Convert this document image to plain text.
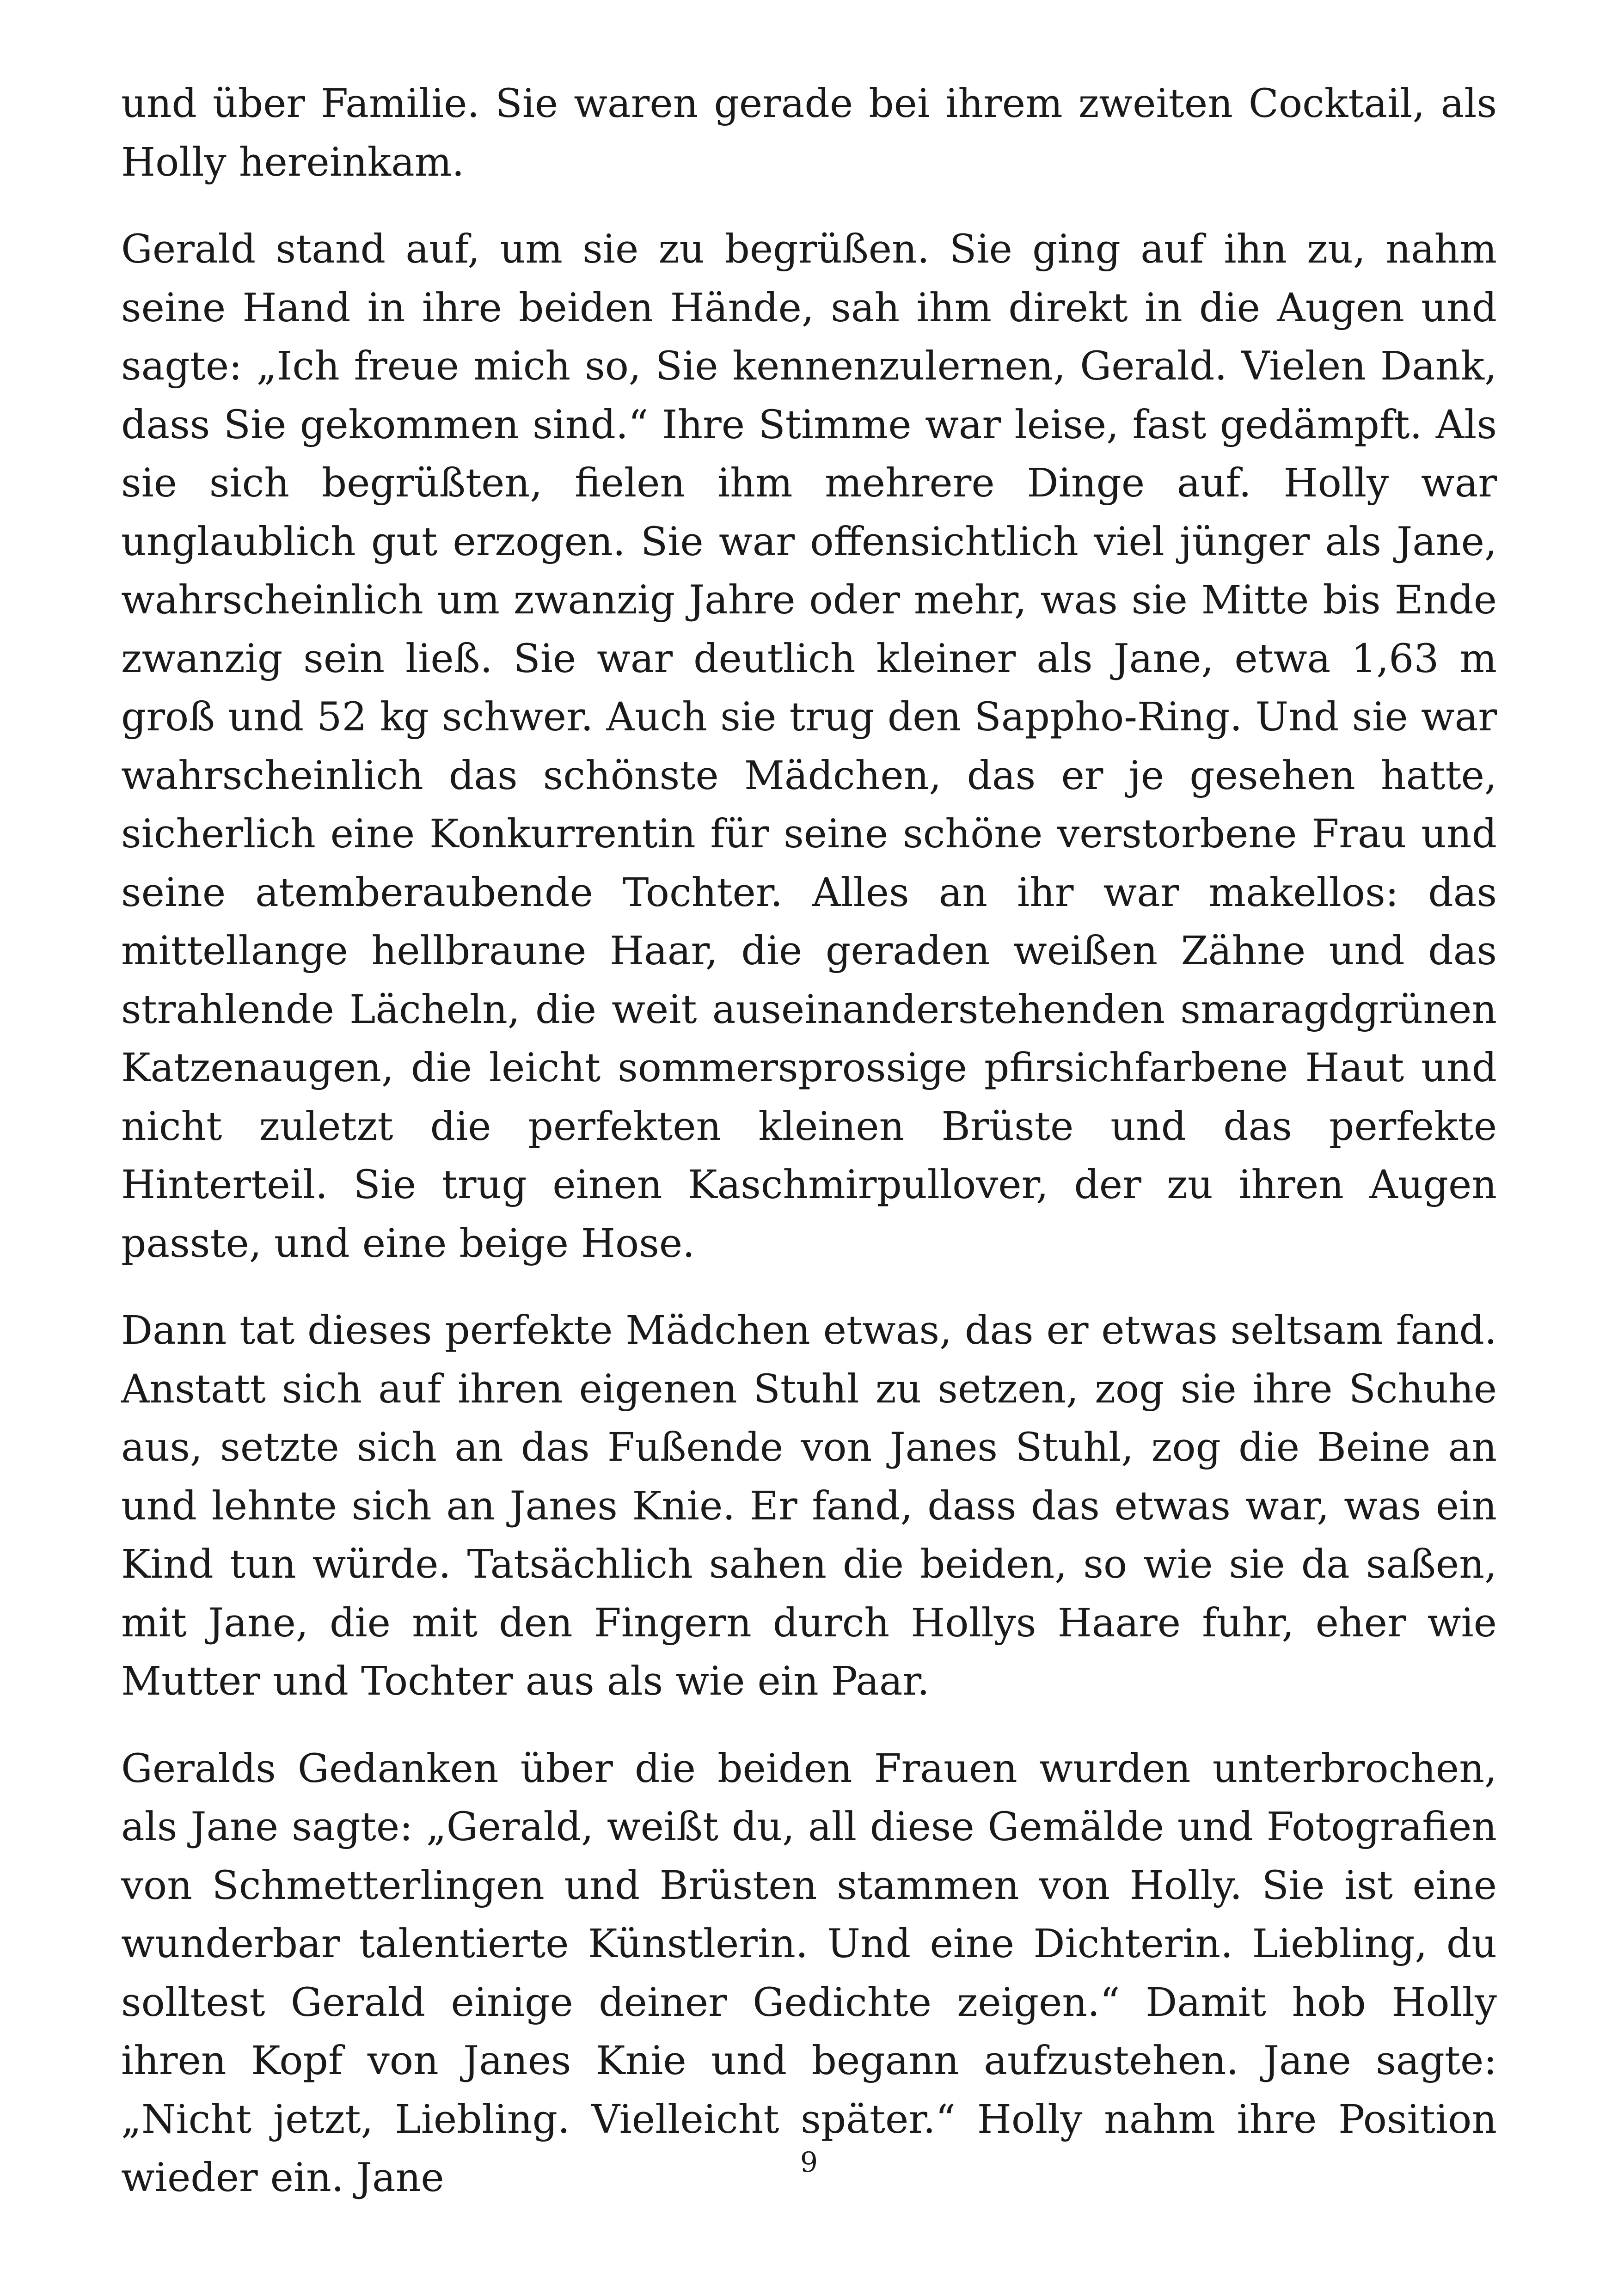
und über Familie. Sie waren gerade bei ihrem zweiten Cocktail, als Holly hereinkam.

Gerald stand auf, um sie zu begrüßen. Sie ging auf ihn zu, nahm seine Hand in ihre beiden Hände, sah ihm direkt in die Augen und sagte: „Ich freue mich so, Sie kennenzulernen, Gerald. Vielen Dank, dass Sie gekommen sind.“ Ihre Stimme war leise, fast gedämpft. Als sie sich begrüßten, fielen ihm mehrere Dinge auf. Holly war unglaublich gut erzogen. Sie war offensichtlich viel jünger als Jane, wahrscheinlich um zwanzig Jahre oder mehr, was sie Mitte bis Ende zwanzig sein ließ. Sie war deutlich kleiner als Jane, etwa 1,63 m groß und 52 kg schwer. Auch sie trug den Sappho-Ring. Und sie war wahrscheinlich das schönste Mädchen, das er je gesehen hatte, sicherlich eine Konkurrentin für seine schöne verstorbene Frau und seine atemberaubende Tochter. Alles an ihr war makellos: das mittellange hellbraune Haar, die geraden weißen Zähne und das strahlende Lächeln, die weit auseinanderstehenden smaragdgrünen Katzenaugen, die leicht sommersprossige pfirsichfarbene Haut und nicht zuletzt die perfekten kleinen Brüste und das perfekte Hinterteil. Sie trug einen Kaschmirpullover, der zu ihren Augen passte, und eine beige Hose.

Dann tat dieses perfekte Mädchen etwas, das er etwas seltsam fand. Anstatt sich auf ihren eigenen Stuhl zu setzen, zog sie ihre Schuhe aus, setzte sich an das Fußende von Janes Stuhl, zog die Beine an und lehnte sich an Janes Knie. Er fand, dass das etwas war, was ein Kind tun würde. Tatsächlich sahen die beiden, so wie sie da saßen, mit Jane, die mit den Fingern durch Hollys Haare fuhr, eher wie Mutter und Tochter aus als wie ein Paar.

Geralds Gedanken über die beiden Frauen wurden unterbrochen, als Jane sagte: „Gerald, weißt du, all diese Gemälde und Fotografien von Schmetterlingen und Brüsten stammen von Holly. Sie ist eine wunderbar talentierte Künstlerin. Und eine Dichterin. Liebling, du solltest Gerald einige deiner Gedichte zeigen.“ Damit hob Holly ihren Kopf von Janes Knie und begann aufzustehen. Jane sagte: „Nicht jetzt, Liebling. Vielleicht später.“ Holly nahm ihre Position wieder ein. Jane	9
